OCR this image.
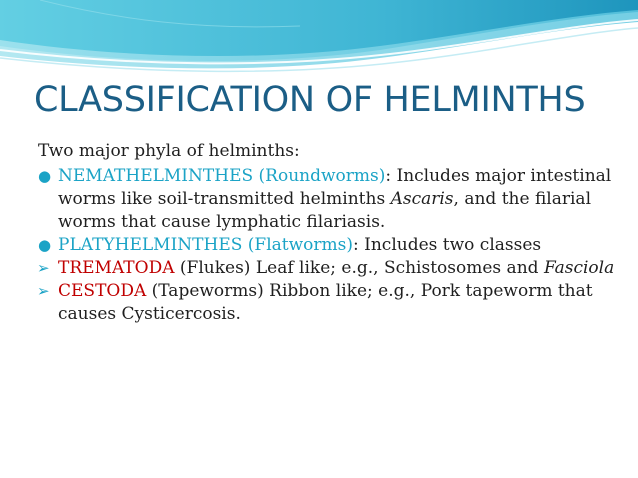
CLASSIFICATION OF HELMINTHS

Two major phyla of helminths:

● NEMATHELMINTHES (Roundworms): Includes major intestinal worms like soil-transmitted helminths Ascaris, and the filarial worms that cause lymphatic filariasis.

● PLATYHELMINTHES (Flatworms): Includes two classes

➢ TREMATODA (Flukes) Leaf like; e.g., Schistosomes and Fasciola

➢ CESTODA (Tapeworms) Ribbon like; e.g., Pork tapeworm that causes Cysticercosis.
